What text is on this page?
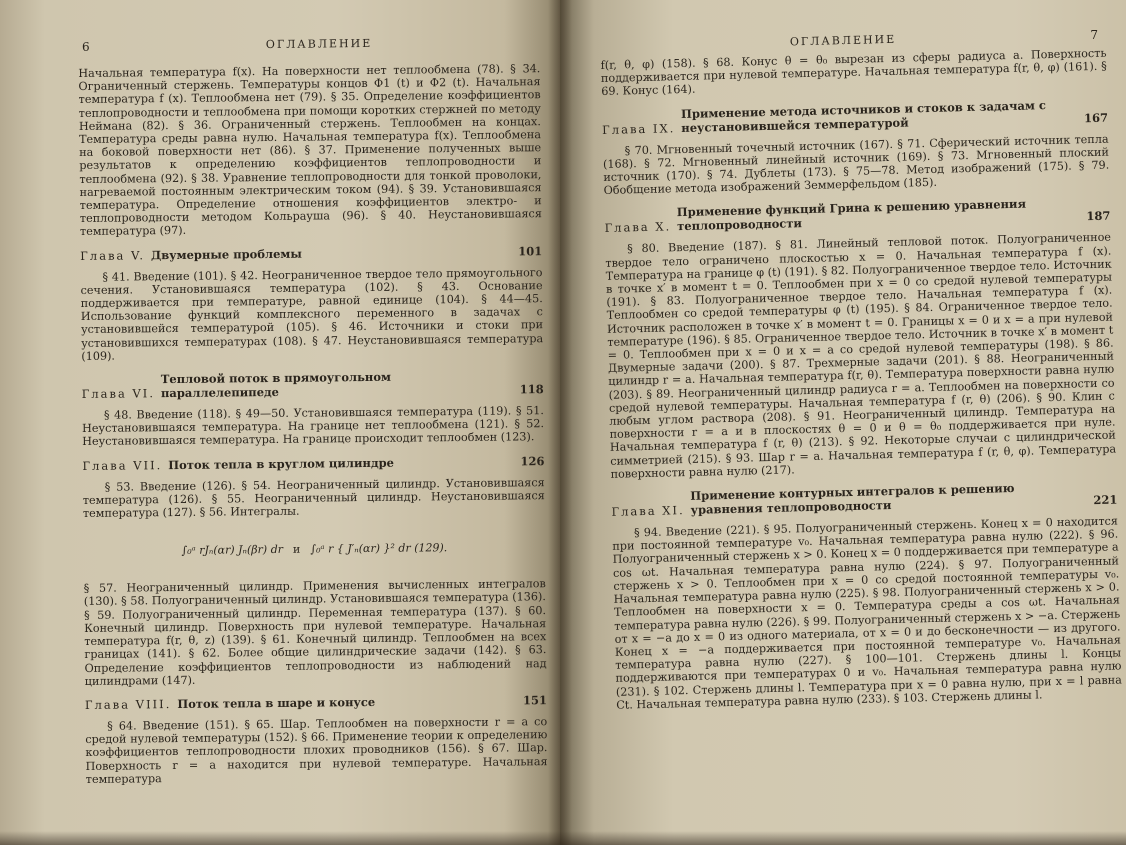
6	ОГЛАВЛЕНИЕ

Начальная температура f(x). На поверхности нет теплообмена (78). § 34. Ограниченный стержень. Температуры концов Φ1 (t) и Φ2 (t). Начальная температура f (x). Теплообмена нет (79). § 35. Определение коэффициентов теплопроводности и теплообмена при помощи коротких стержней по методу Неймана (82). § 36. Ограниченный стержень. Теплообмен на концах. Температура среды равна нулю. Начальная температура f(x). Теплообмена на боковой поверхности нет (86). § 37. Применение полученных выше результатов к определению коэффициентов теплопроводности и теплообмена (92). § 38. Уравнение теплопроводности для тонкой проволоки, нагреваемой постоянным электрическим током (94). § 39. Установившаяся температура. Определение отношения коэффициентов электро- и теплопроводности методом Кольрауша (96). § 40. Неустановившаяся температура (97).

Глава V. Двумерные проблемы	101

§ 41. Введение (101). § 42. Неограниченное твердое тело прямоугольного сечения. Установившаяся температура (102). § 43. Основание поддерживается при температуре, равной единице (104). § 44—45. Использование функций комплексного переменного в задачах с установившейся температурой (105). § 46. Источники и стоки при установившихся температурах (108). § 47. Неустановившаяся температура (109).

Глава VI.
Тепловой поток в прямоугольном параллелепипеде	118

§ 48. Введение (118). § 49—50. Установившаяся температура (119). § 51. Неустановившаяся температура. На границе нет теплообмена (121). § 52. Неустановившаяся температура. На границе происходит теплообмен (123).

Глава VII. Поток тепла в круглом цилиндре	126

§ 53. Введение (126). § 54. Неограниченный цилиндр. Установившаяся температура (126). § 55. Неограниченный цилиндр. Неустановившаяся температура (127). § 56. Интегралы.

∫₀ᵃ rJₙ(αr) Jₙ(βr) dr и ∫₀ᵃ r { J′ₙ(αr) }² dr (129).

§ 57. Неограниченный цилиндр. Применения вычисленных интегралов (130). § 58. Полуограниченный цилиндр. Установившаяся температура (136). § 59. Полуограниченный цилиндр. Переменная температура (137). § 60. Конечный цилиндр. Поверхность при нулевой температуре. Начальная температура f(r, θ, z) (139). § 61. Конечный цилиндр. Теплообмен на всех границах (141). § 62. Более общие цилиндрические задачи (142). § 63. Определение коэффициентов теплопроводности из наблюдений над цилиндрами (147).

Глава VIII. Поток тепла в шаре и конусе	151

§ 64. Введение (151). § 65. Шар. Теплообмен на поверхности r = a со средой нулевой температуры (152). § 66. Применение теории к определению коэффициентов теплопроводности плохих проводников (156). § 67. Шар. Поверхность r = a находится при нулевой температуре. Начальная температура

7
ОГЛАВЛЕНИЕ

f(r, θ, φ) (158). § 68. Конус θ = θ₀ вырезан из сферы радиуса a. Поверхность поддерживается при нулевой температуре. Начальная температура f(r, θ, φ) (161). § 69. Конус (164).

Глава IX.
Применение метода источников и стоков к задачам с неустановившейся температурой	167

§ 70. Мгновенный точечный источник (167). § 71. Сферический источник тепла (168). § 72. Мгновенный линейный источник (169). § 73. Мгновенный плоский источник (170). § 74. Дублеты (173). § 75—78. Метод изображений (175). § 79. Обобщение метода изображений Земмерфельдом (185).

Глава X.
Применение функций Грина к решению уравнения теплопроводности
187

§ 80. Введение (187). § 81. Линейный тепловой поток. Полуограниченное твердое тело ограничено плоскостью x = 0. Начальная температура f (x). Температура на границе φ (t) (191). § 82. Полуограниченное твердое тело. Источник в точке x′ в момент t = 0. Теплообмен при x = 0 со средой нулевой температуры (191). § 83. Полуограниченное твердое тело. Начальная температура f (x). Теплообмен со средой температуры φ (t) (195). § 84. Ограниченное твердое тело. Источник расположен в точке x′ в момент t = 0. Границы x = 0 и x = a при нулевой температуре (196). § 85. Ограниченное твердое тело. Источник в точке x′ в момент t = 0. Теплообмен при x = 0 и x = a со средой нулевой температуры (198). § 86. Двумерные задачи (200). § 87. Трехмерные задачи (201). § 88. Неограниченный цилиндр r = a. Начальная температура f(r, θ). Температура поверхности равна нулю (203). § 89. Неограниченный цилиндр радиуса r = a. Теплообмен на поверхности со средой нулевой температуры. Начальная температура f (r, θ) (206). § 90. Клин с любым углом раствора (208). § 91. Неограниченный цилиндр. Температура на поверхности r = a и в плоскостях θ = 0 и θ = θ₀ поддерживается при нуле. Начальная температура f (r, θ) (213). § 92. Некоторые случаи с цилиндрической симметрией (215). § 93. Шар r = a. Начальная температура f (r, θ, φ). Температура поверхности равна нулю (217).

Глава XI.
Применение контурных интегралов к решению уравнения теплопроводности	221

§ 94. Введение (221). § 95. Полуограниченный стержень. Конец x = 0 находится при постоянной температуре v₀. Начальная температура равна нулю (222). § 96. Полуограниченный стержень x > 0. Конец x = 0 поддерживается при температуре a cos ωt. Начальная температура равна нулю (224). § 97. Полуограниченный стержень x > 0. Теплообмен при x = 0 со средой постоянной температуры v₀. Начальная температура равна нулю (225). § 98. Полуограниченный стержень x > 0. Теплообмен на поверхности x = 0. Температура среды a cos ωt. Начальная температура равна нулю (226). § 99. Полуограниченный стержень x > −a. Стержень от x = −a до x = 0 из одного материала, от x = 0 и до бесконечности — из другого. Конец x = −a поддерживается при постоянной температуре v₀. Начальная температура равна нулю (227). § 100—101. Стержень длины l. Концы поддерживаются при температурах 0 и v₀. Начальная температура равна нулю (231). § 102. Стержень длины l. Температура при x = 0 равна нулю, при x = l равна Ct. Начальная температура равна нулю (233). § 103. Стержень длины l.
